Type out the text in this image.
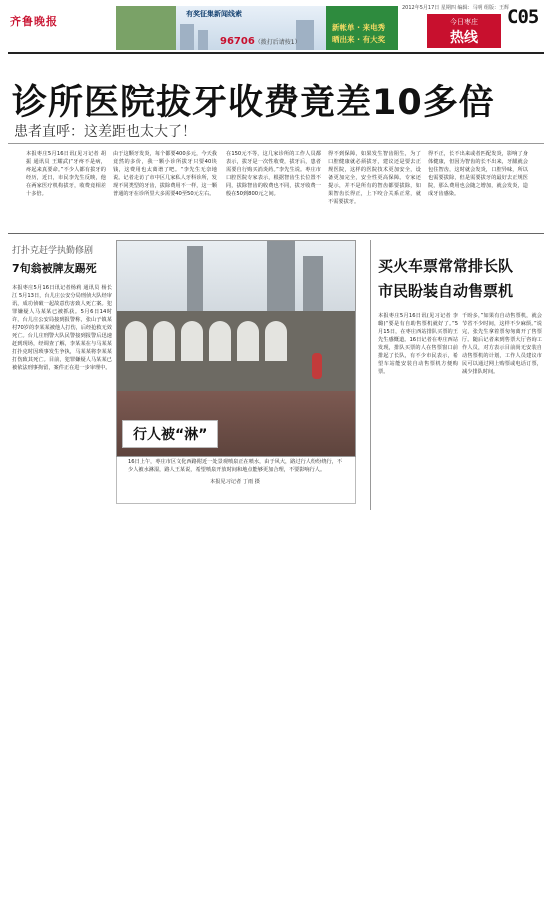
齐鲁晚报
有奖征集新闻线索
96706（拨打后请按1）
新帐单 · 来电秀
晒出来 · 有大奖
2012年5月17日 星期四 编辑：马明 组版：王辉
今日枣庄
热线
C05
诊所医院拔牙收费竟差10多倍
患者直呼：这差距也太大了！
本报枣庄5月16日讯(见习记者 胡振 通讯员 王耀武)“牙疼不是病，疼起来真要命。”不少人都有拔牙的经历，近日，市民李先生反映，他在两家医疗机构拔牙，收费竟相差十多倍。
由于这颗牙发炎，每个都要400多元，今天我竟然的多价，我一颗小诊所拔牙只要40块钱，这费用也太离谱了吧。“李先生无奈地说。记者走访了市中区几家私人牙科诊所，发现不同类型的牙齿，拔除费用不一样，这一颗普通的牙在诊所里大多需要40至50元左右。
在150元不等，这几家诊所的工作人员都表示，拔牙是一次性收费，拔牙后，患者需要自行购买消炎药。”李先生说。枣庄市口腔医院专家表示，根据智齿生长位置不同，拔除智齿的收费也不同，拔牙收费一般在50到800元之间。
得不到保障，如果发生智齿阻生，为了口腔健康就必须拔牙，建议还是要去正规医院，这样的医院技术更加安全，设备更加完全，安全性更高保障。专家还提示，并不是所有的智齿都要拔除，如果智齿长得正，上下咬合关系正常，就不需要拔牙。
得不正，长不出来或者匹配发炎，影响了身体健康，但因为智齿的长不出来，牙龈就会包住智齿，这时就会发炎，口腔异味，所以也需要拔除，但是需要拔牙的最好去正规医院，那么费用也会随之增加，就会发炎，造成牙齿感染。
打扑克赶学执勤修剧
7旬翁被牌友踢死
本报枣庄5月16日讯记者杨莉 通讯员 杨长江 5月13日，台儿庄公安分局刑侦大队经审讯，成功侦破一起故意伤害致人死亡案。犯罪嫌疑人马某某已被抓获。5月6日14时许，台儿庄公安局接到报警称，张山子镇某村70岁的李某某被他人打伤，后经抢救无效死亡。台儿庄刑警大队民警接到报警后迅速赶到现场，经调查了解，李某某在与马某某打扑克时因琐事发生争执，马某某将李某某打伤致其死亡。目前，犯罪嫌疑人马某某已被依法刑事拘留，案件正在进一步审理中。
行人被“淋”
16日上午，枣庄市区文化西路附近一处景观喷泉正在喷水，由于风大，路过行人纷纷绕行，不少人被水淋湿，路人王某说，希望喷泉开放时间和地点能够更加合理，不要影响行人。
本报见习记者 丁雨 摄
买火车票常常排长队
市民盼装自动售票机
本报枣庄5月16日讯(见习记者 李璐)“要是有自助售票机就好了。”5月15日，在枣庄西站排队买票的王先生感慨道。16日记者在枣庄西站发现，排队买票的人在售票窗口前排起了长队，有不少市民表示，希望车站能安装自动售票机方便购票。
千盼多，”如果有自动售票机，就会节省不少时间，这样不少麻烦。”说完，张先生拿着票匆匆离开了售票厅。随后记者来到售票大厅咨询工作人员，对方表示目前尚无安装自动售票机的计划，工作人员建议市民可以通过网上购票或电话订票，减少排队时间。
